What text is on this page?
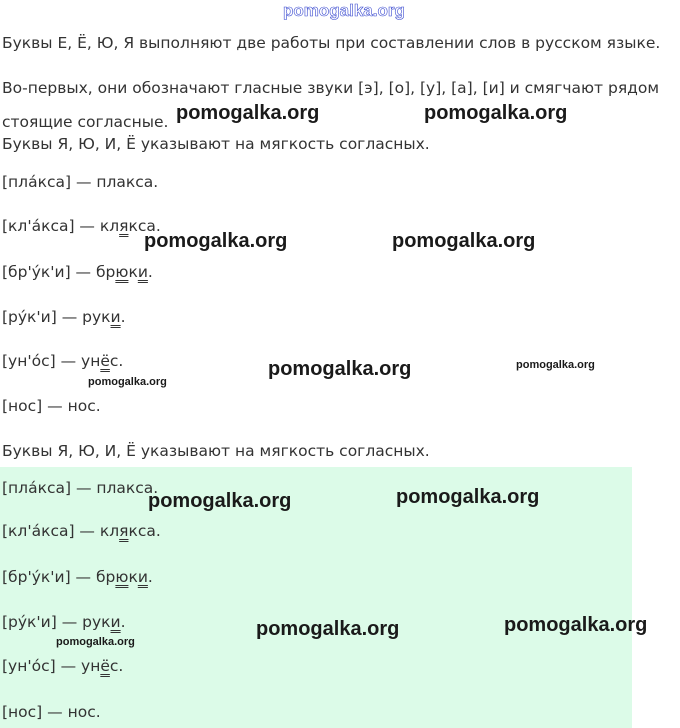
pomogalka.org

Буквы Е, Ё, Ю, Я выполняют две работы при составлении слов в русском языке.

Во-первых, они обозначают гласные звуки [э], [о], [у], [а], [и] и смягчают рядом стоящие согласные.

Буквы Я, Ю, И, Ё указывают на мягкость согласных.

[пла́кса] — плакса.

[кл'а́кса] — клякса.

[бр'у́к'и] — брюки.

[ру́к'и] — руки.

[ун'о́с] — унёс.

[нос] — нос.

Буквы Я, Ю, И, Ё указывают на мягкость согласных.

[пла́кса] — плакса.

[кл'а́кса] — клякса.

[бр'у́к'и] — брюки.

[ру́к'и] — руки.

[ун'о́с] — унёс.

[нос] — нос.

pomogalka.org	pomogalka.org
pomogalka.org	pomogalka.org
pomogalka.org	pomogalka.org
pomogalka.org
pomogalka.org	pomogalka.org
pomogalka.org	pomogalka.org
pomogalka.org
